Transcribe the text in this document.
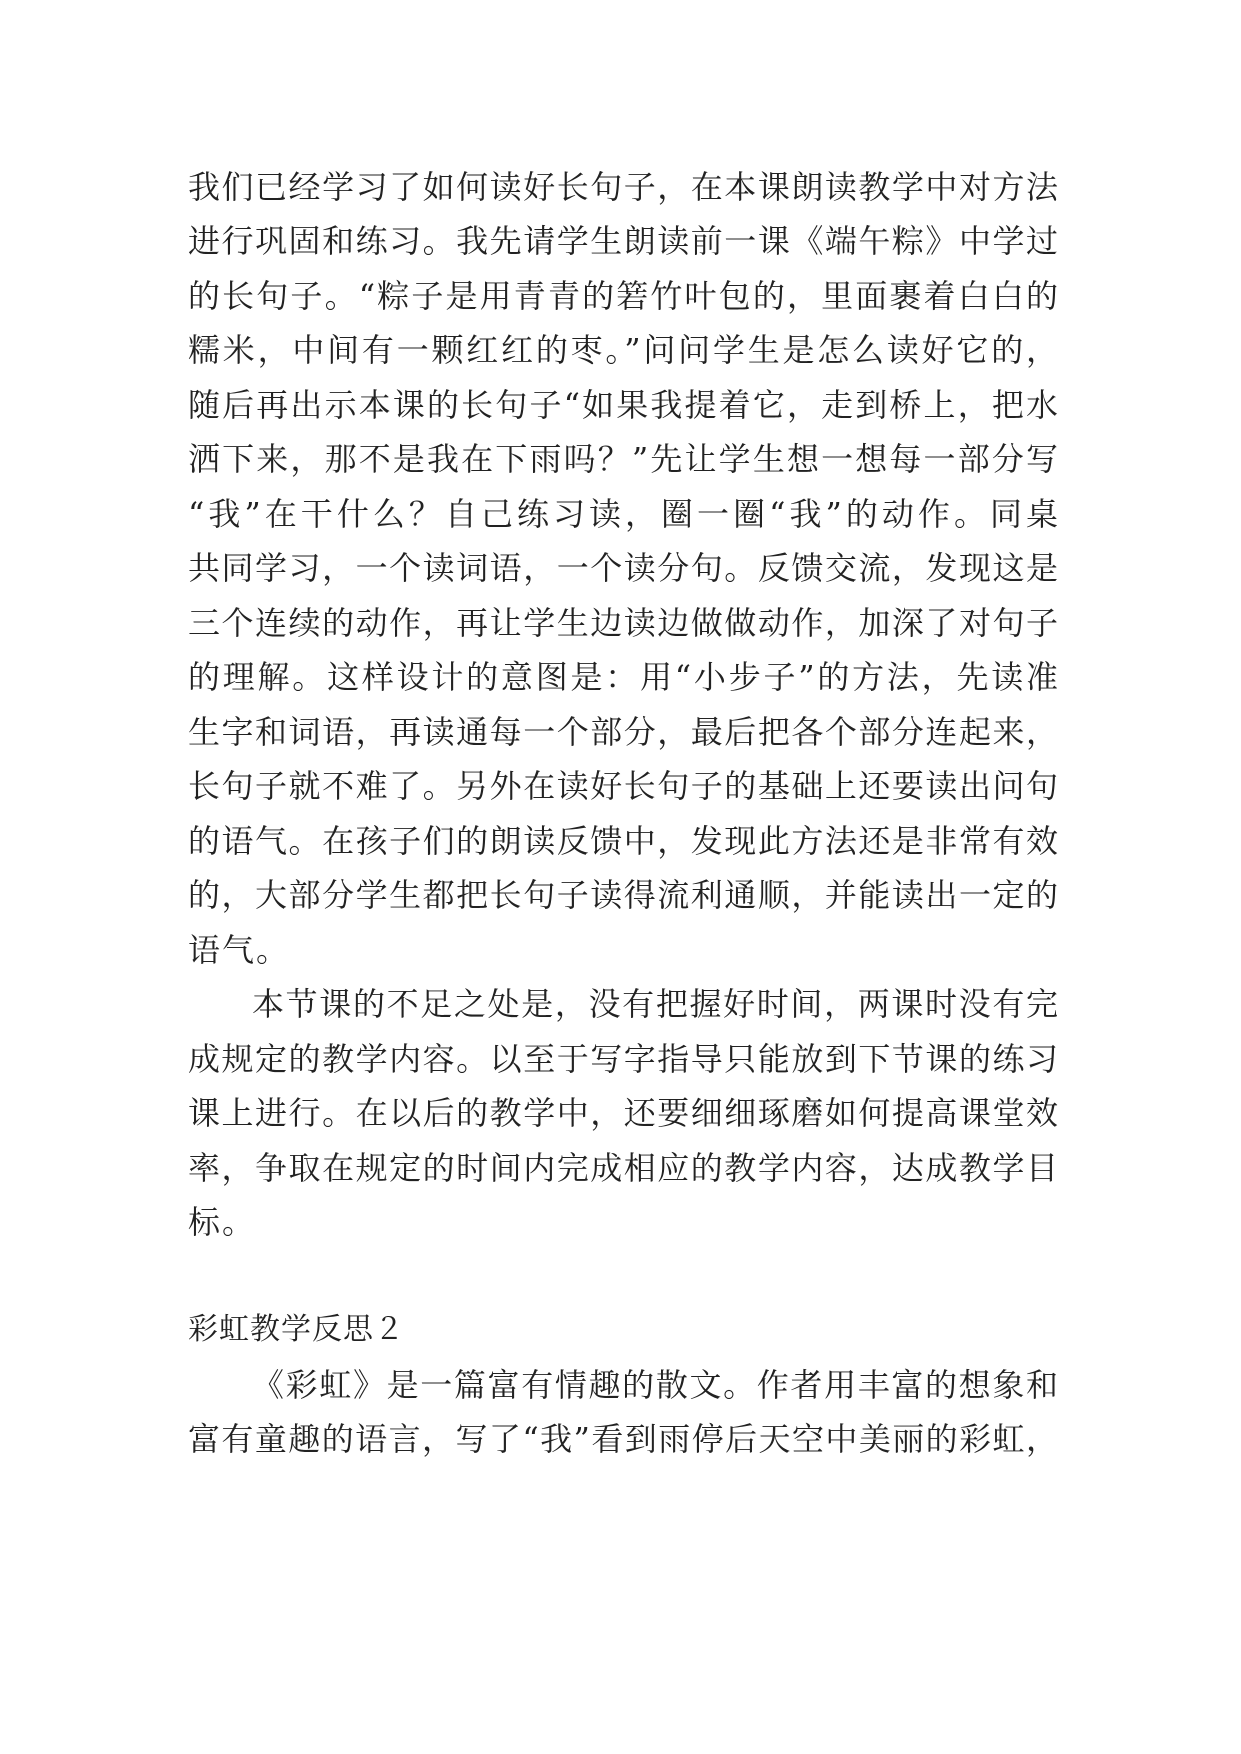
我们已经学习了如何读好长句子，在本课朗读教学中对方法
进行巩固和练习。我先请学生朗读前一课《端午粽》中学过
的长句子。“粽子是用青青的箬竹叶包的，里面裹着白白的
糯米，中间有一颗红红的枣。”问问学生是怎么读好它的，
随后再出示本课的长句子“如果我提着它，走到桥上，把水
洒下来，那不是我在下雨吗？”先让学生想一想每一部分写
“我”在干什么？自己练习读，圈一圈“我”的动作。同桌
共同学习，一个读词语，一个读分句。反馈交流，发现这是
三个连续的动作，再让学生边读边做做动作，加深了对句子
的理解。这样设计的意图是：用“小步子”的方法，先读准
生字和词语，再读通每一个部分，最后把各个部分连起来，
长句子就不难了。另外在读好长句子的基础上还要读出问句
的语气。在孩子们的朗读反馈中，发现此方法还是非常有效
的，大部分学生都把长句子读得流利通顺，并能读出一定的
语气。
本节课的不足之处是，没有把握好时间，两课时没有完
成规定的教学内容。以至于写字指导只能放到下节课的练习
课上进行。在以后的教学中，还要细细琢磨如何提高课堂效
率，争取在规定的时间内完成相应的教学内容，达成教学目
标。
彩虹教学反思２
《彩虹》是一篇富有情趣的散文。作者用丰富的想象和
富有童趣的语言，写了“我”看到雨停后天空中美丽的彩虹，
